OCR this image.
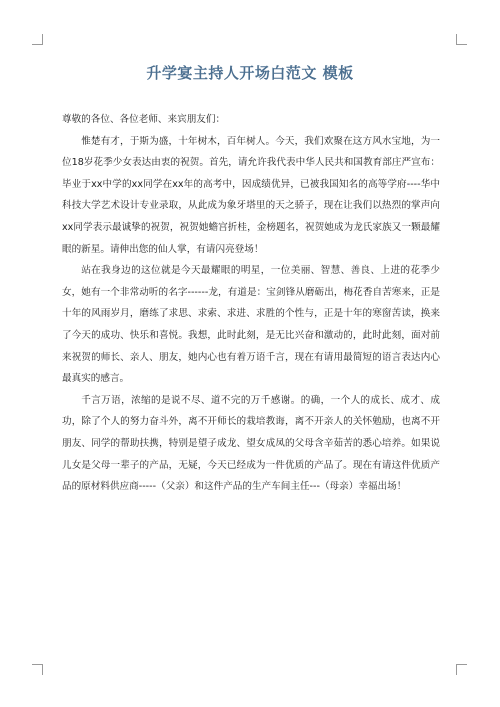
升学宴主持人开场白范文 模板

尊敬的各位、各位老师、来宾朋友们：

惟楚有才，于斯为盛，十年树木，百年树人。今天，我们欢聚在这方风水宝地，为一位18岁花季少女表达由衷的祝贺。首先，请允许我代表中华人民共和国教育部庄严宣布：毕业于xx中学的xx同学在xx年的高考中，因成绩优异，已被我国知名的高等学府----华中科技大学艺术设计专业录取，从此成为象牙塔里的天之骄子，现在让我们以热烈的掌声向xx同学表示最诚挚的祝贺，祝贺她蟾宫折桂，金榜题名，祝贺她成为龙氏家族又一颗最耀眼的新星。请伸出您的仙人掌，有请闪亮登场！

站在我身边的这位就是今天最耀眼的明星，一位美丽、智慧、善良、上进的花季少女，她有一个非常动听的名字------龙，有道是：宝剑锋从磨砺出，梅花香自苦寒来，正是十年的风雨岁月，磨练了求思、求索、求进、求胜的个性与，正是十年的寒窗苦读，换来了今天的成功、快乐和喜悦。我想，此时此刻，是无比兴奋和激动的，此时此刻，面对前来祝贺的师长、亲人、朋友，她内心也有着万语千言，现在有请用最简短的语言表达内心最真实的感言。

千言万语，浓缩的是说不尽、道不完的万千感谢。的确，一个人的成长、成才、成功，除了个人的努力奋斗外，离不开师长的栽培教诲，离不开亲人的关怀勉励，也离不开朋友、同学的帮助扶携，特别是望子成龙、望女成凤的父母含辛茹苦的悉心培养。如果说儿女是父母一辈子的产品，无疑，今天已经成为一件优质的产品了。现在有请这件优质产品的原材料供应商-----（父亲）和这件产品的生产车间主任---（母亲）幸福出场！
